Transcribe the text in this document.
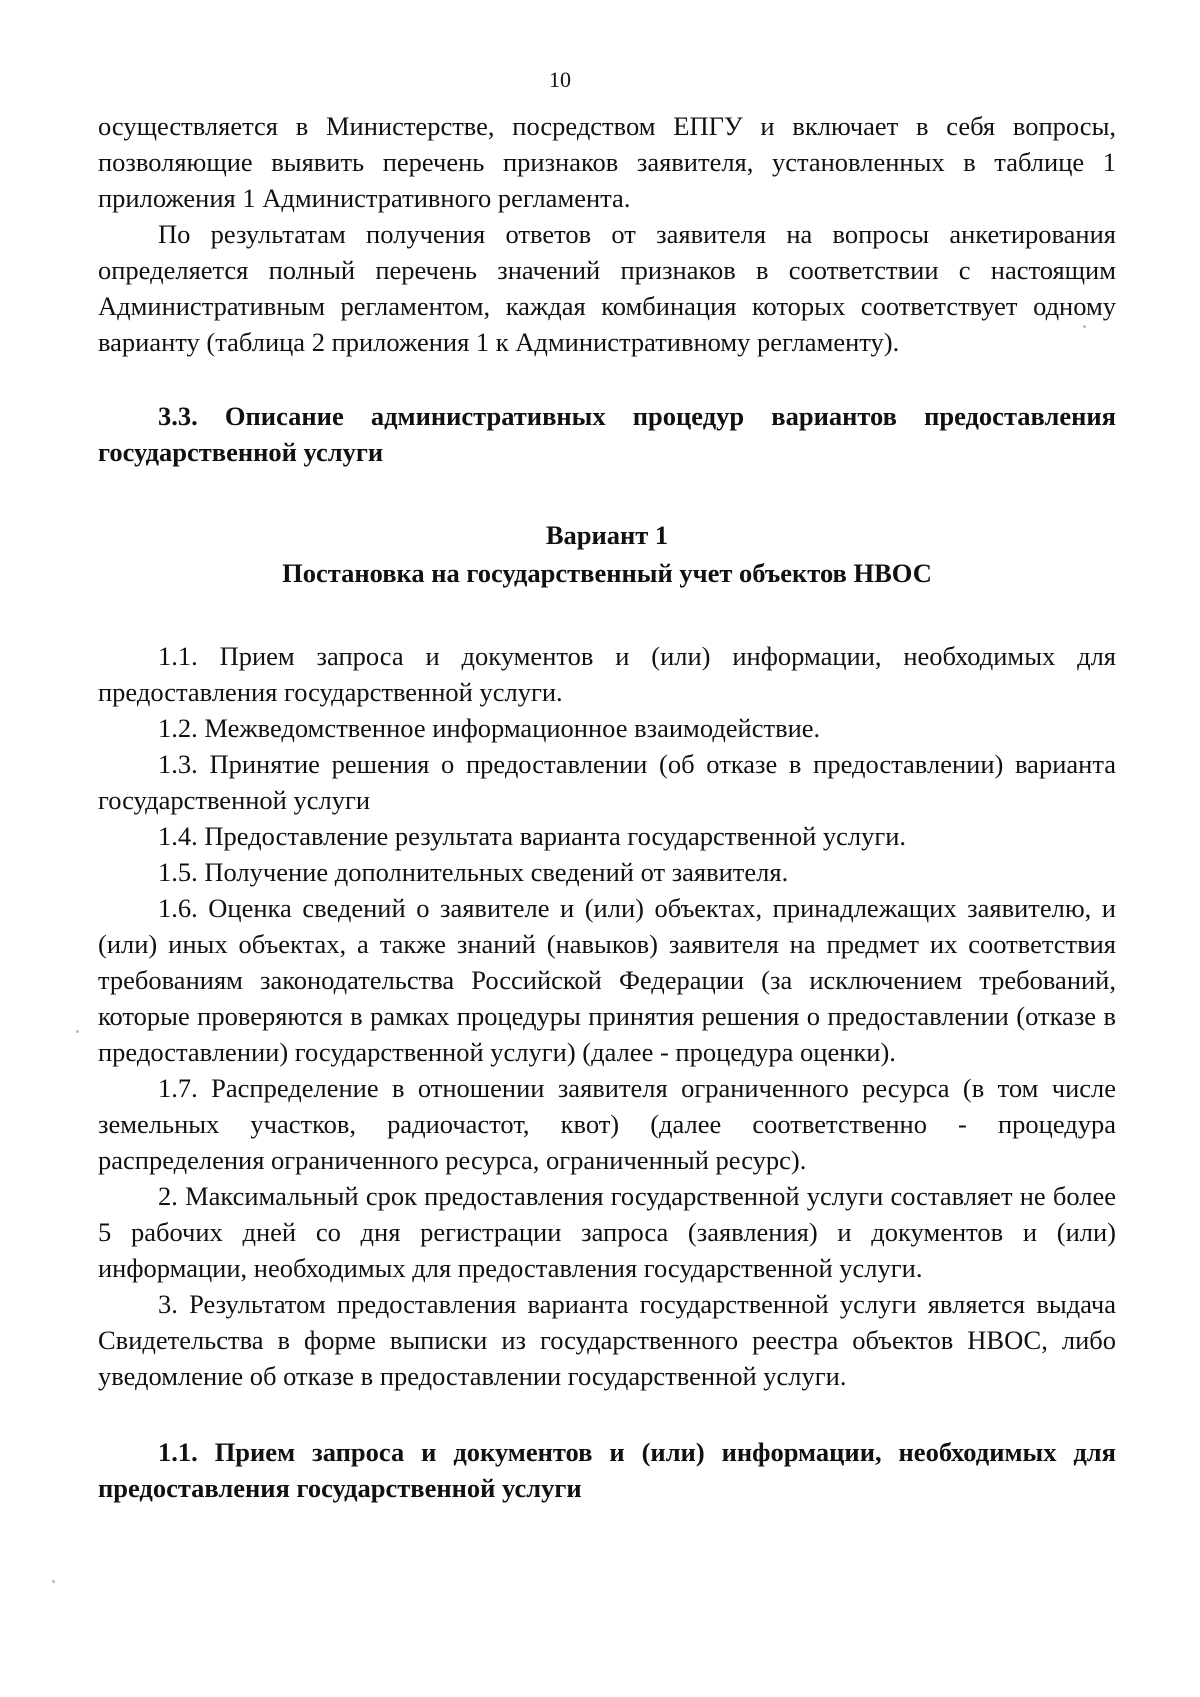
10

осуществляется в Министерстве, посредством ЕПГУ и включает в себя вопросы, позволяющие выявить перечень признаков заявителя, установленных в таблице 1 приложения 1 Административного регламента.

По результатам получения ответов от заявителя на вопросы анкетирования определяется полный перечень значений признаков в соответствии с настоящим Административным регламентом, каждая комбинация которых соответствует одному варианту (таблица 2 приложения 1 к Административному регламенту).

3.3. Описание административных процедур вариантов предоставления государственной услуги
Вариант 1
Постановка на государственный учет объектов НВОС

1.1. Прием запроса и документов и (или) информации, необходимых для предоставления государственной услуги.

1.2. Межведомственное информационное взаимодействие.

1.3. Принятие решения о предоставлении (об отказе в предоставлении) варианта государственной услуги

1.4. Предоставление результата варианта государственной услуги.

1.5. Получение дополнительных сведений от заявителя.

1.6. Оценка сведений о заявителе и (или) объектах, принадлежащих заявителю, и (или) иных объектах, а также знаний (навыков) заявителя на предмет их соответствия требованиям законодательства Российской Федерации (за исключением требований, которые проверяются в рамках процедуры принятия решения о предоставлении (отказе в предоставлении) государственной услуги) (далее - процедура оценки).

1.7. Распределение в отношении заявителя ограниченного ресурса (в том числе земельных участков, радиочастот, квот) (далее соответственно - процедура распределения ограниченного ресурса, ограниченный ресурс).

2. Максимальный срок предоставления государственной услуги составляет не более 5 рабочих дней со дня регистрации запроса (заявления) и документов и (или) информации, необходимых для предоставления государственной услуги.

3. Результатом предоставления варианта государственной услуги является выдача Свидетельства в форме выписки из государственного реестра объектов НВОС, либо уведомление об отказе в предоставлении государственной услуги.

1.1. Прием запроса и документов и (или) информации, необходимых для предоставления государственной услуги
